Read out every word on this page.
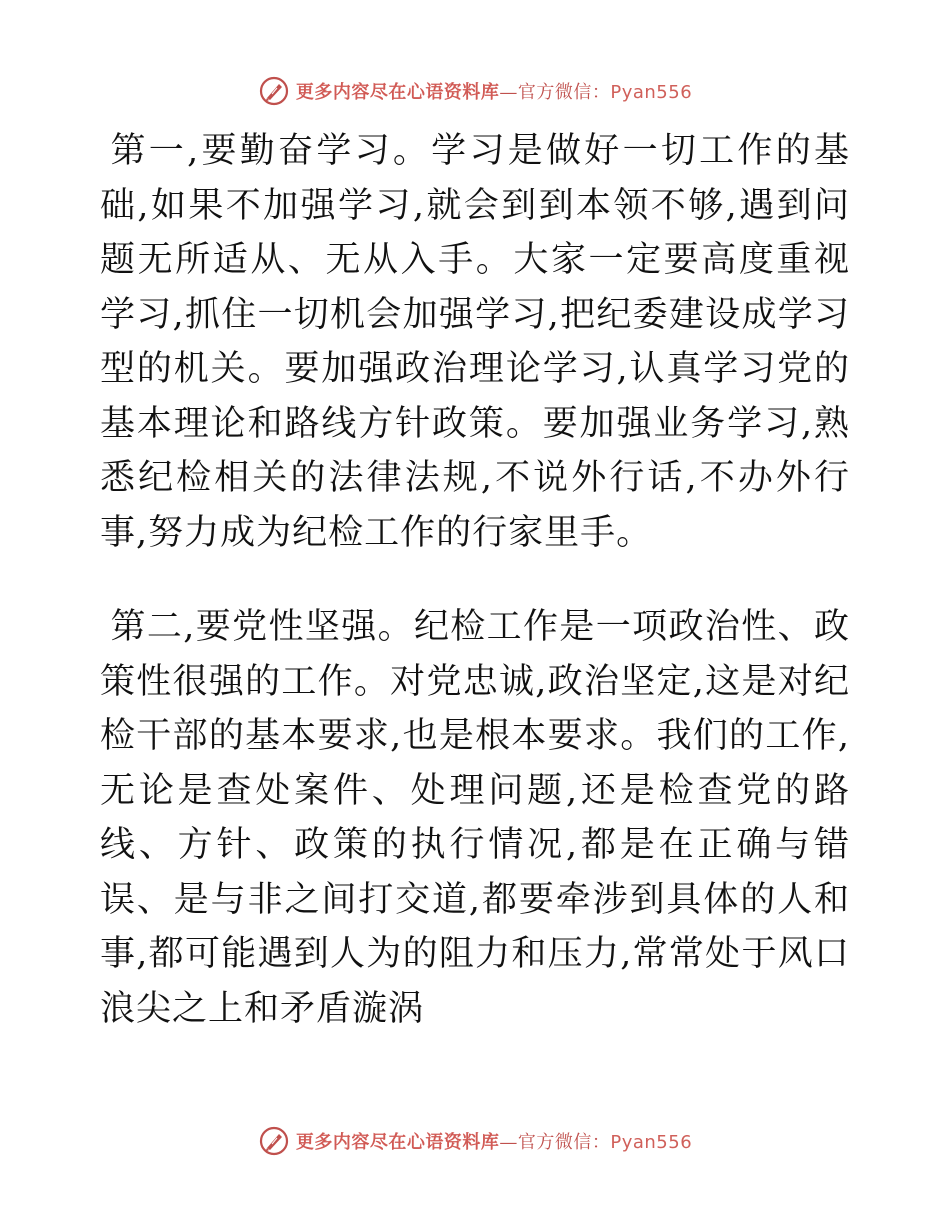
更多内容尽在心语资料库—官方微信：Pyan556

第一,要勤奋学习。学习是做好一切工作的基础,如果不加强学习,就会到到本领不够,遇到问题无所适从、无从入手。大家一定要高度重视学习,抓住一切机会加强学习,把纪委建设成学习型的机关。要加强政治理论学习,认真学习党的基本理论和路线方针政策。要加强业务学习,熟悉纪检相关的法律法规,不说外行话,不办外行事,努力成为纪检工作的行家里手。

第二,要党性坚强。纪检工作是一项政治性、政策性很强的工作。对党忠诚,政治坚定,这是对纪检干部的基本要求,也是根本要求。我们的工作,无论是查处案件、处理问题,还是检查党的路线、方针、政策的执行情况,都是在正确与错误、是与非之间打交道,都要牵涉到具体的人和事,都可能遇到人为的阻力和压力,常常处于风口浪尖之上和矛盾漩涡

更多内容尽在心语资料库—官方微信：Pyan556
